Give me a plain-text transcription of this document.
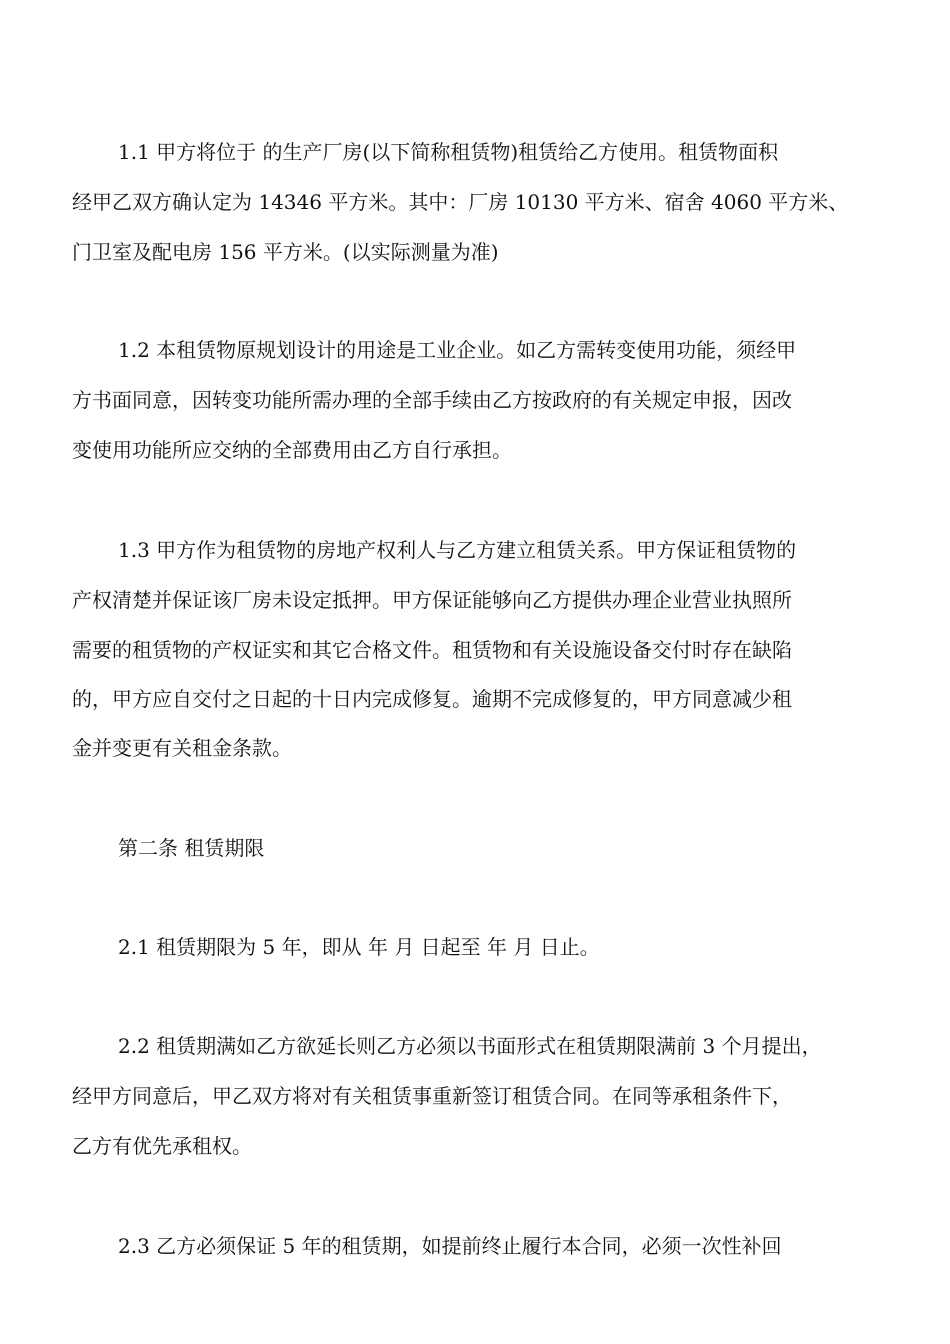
1.1 甲方将位于 的生产厂房(以下简称租赁物)租赁给乙方使用。租赁物面积
经甲乙双方确认定为 14346 平方米。其中：厂房 10130 平方米、宿舍 4060 平方米、
门卫室及配电房 156 平方米。(以实际测量为准)
1.2 本租赁物原规划设计的用途是工业企业。如乙方需转变使用功能，须经甲
方书面同意，因转变功能所需办理的全部手续由乙方按政府的有关规定申报，因改
变使用功能所应交纳的全部费用由乙方自行承担。
1.3 甲方作为租赁物的房地产权利人与乙方建立租赁关系。甲方保证租赁物的
产权清楚并保证该厂房未设定抵押。甲方保证能够向乙方提供办理企业营业执照所
需要的租赁物的产权证实和其它合格文件。租赁物和有关设施设备交付时存在缺陷
的，甲方应自交付之日起的十日内完成修复。逾期不完成修复的，甲方同意减少租
金并变更有关租金条款。
第二条 租赁期限
2.1 租赁期限为 5 年，即从 年 月 日起至 年 月 日止。
2.2 租赁期满如乙方欲延长则乙方必须以书面形式在租赁期限满前 3 个月提出，
经甲方同意后，甲乙双方将对有关租赁事重新签订租赁合同。在同等承租条件下，
乙方有优先承租权。
2.3 乙方必须保证 5 年的租赁期，如提前终止履行本合同，必须一次性补回
